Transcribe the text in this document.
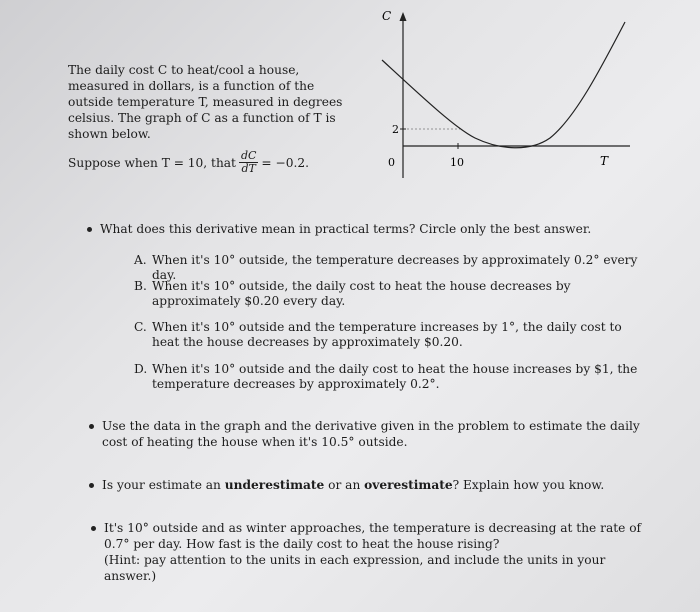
The daily cost C to heat/cool a house, measured in dollars, is a function of the outside temperature T, measured in degrees celsius. The graph of C as a function of T is shown below.
Suppose when T = 10, that $\frac{dC}{dT} = -0.2$.
C
T
0	10
2
What does this derivative mean in practical terms? Circle only the best answer.
A. When it's 10° outside, the temperature decreases by approximately 0.2° every day.
B. When it's 10° outside, the daily cost to heat the house decreases by approximately $0.20 every day.
C. When it's 10° outside and the temperature increases by 1°, the daily cost to heat the house decreases by approximately $0.20.
D. When it's 10° outside and the daily cost to heat the house increases by $1, the temperature decreases by approximately 0.2°.
Use the data in the graph and the derivative given in the problem to estimate the daily cost of heating the house when it's 10.5° outside.
Is your estimate an underestimate or an overestimate? Explain how you know.
It's 10° outside and as winter approaches, the temperature is decreasing at the rate of 0.7° per day. How fast is the daily cost to heat the house rising?
(Hint: pay attention to the units in each expression, and include the units in your answer.)
